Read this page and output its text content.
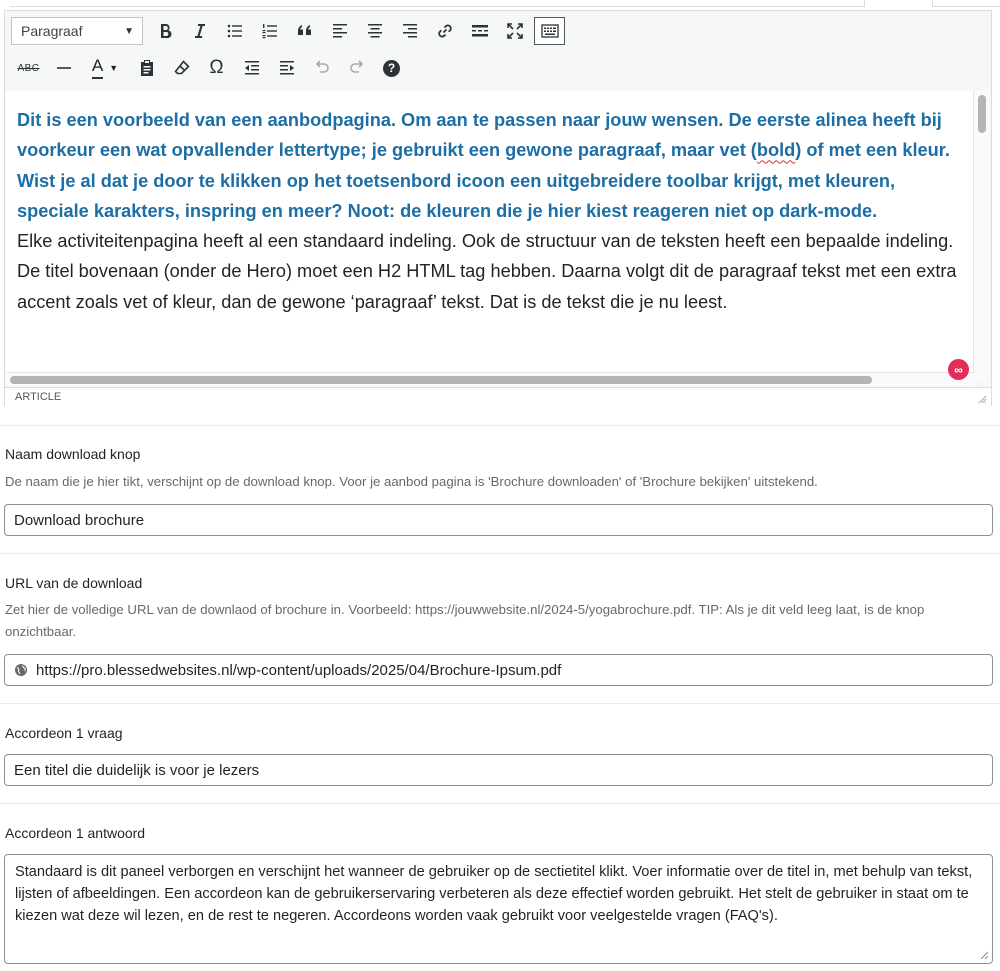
Paragraaf	▼
ABC	A ▼	Ω	?

Dit is een voorbeeld van een aanbodpagina. Om aan te passen naar jouw wensen. De eerste alinea heeft bij voorkeur een wat opvallender lettertype; je gebruikt een gewone paragraaf, maar vet (bold) of met een kleur. Wist je al dat je door te klikken op het toetsenbord icoon een uitgebreidere toolbar krijgt, met kleuren, speciale karakters, inspring en meer? Noot: de kleuren die je hier kiest reageren niet op dark-mode.

Elke activiteitenpagina heeft al een standaard indeling. Ook de structuur van de teksten heeft een bepaalde indeling. De titel bovenaan (onder de Hero) moet een H2 HTML tag hebben. Daarna volgt dit de paragraaf tekst met een extra accent zoals vet of kleur, dan de gewone ‘paragraaf’ tekst. Dat is de tekst die je nu leest.

∞
ARTICLE
Naam download knop
De naam die je hier tikt, verschijnt op de download knop. Voor je aanbod pagina is 'Brochure downloaden' of 'Brochure bekijken' uitstekend.
Download brochure
URL van de download
Zet hier de volledige URL van de downlaod of brochure in. Voorbeeld: https://jouwwebsite.nl/2024-5/yogabrochure.pdf. TIP: Als je dit veld leeg laat, is de knop onzichtbaar.
https://pro.blessedwebsites.nl/wp-content/uploads/2025/04/Brochure-Ipsum.pdf
Accordeon 1 vraag
Een titel die duidelijk is voor je lezers
Accordeon 1 antwoord
Standaard is dit paneel verborgen en verschijnt het wanneer de gebruiker op de sectietitel klikt. Voer informatie over de titel in, met behulp van tekst, lijsten of afbeeldingen. Een accordeon kan de gebruikerservaring verbeteren als deze effectief worden gebruikt. Het stelt de gebruiker in staat om te kiezen wat deze wil lezen, en de rest te negeren. Accordeons worden vaak gebruikt voor veelgestelde vragen (FAQ's).
